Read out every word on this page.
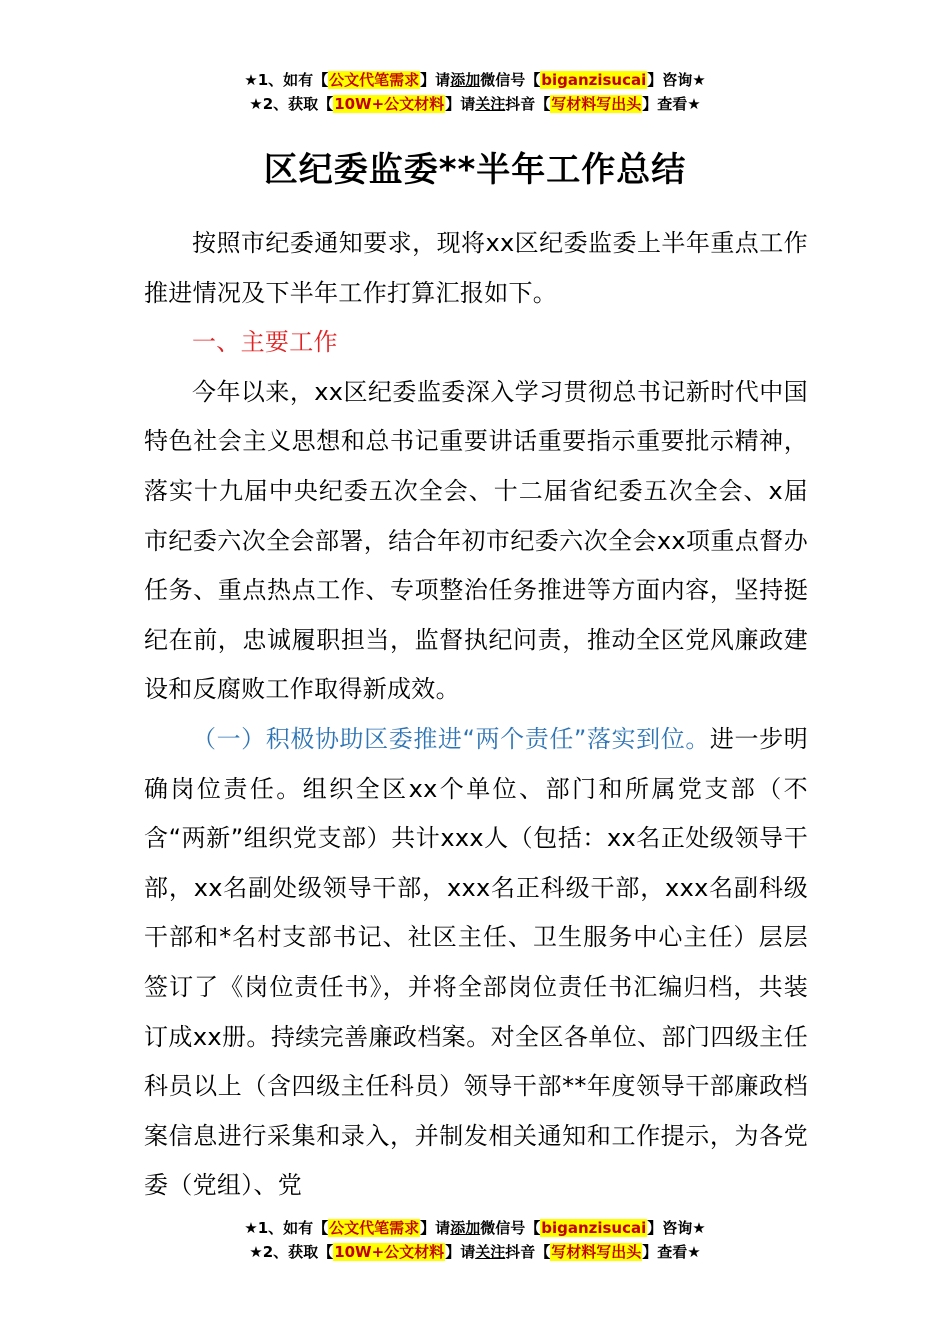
★1、如有【公文代笔需求】请添加微信号【biganzisucai】咨询★
★2、获取【10W+公文材料】请关注抖音【写材料写出头】查看★
区纪委监委**半年工作总结

按照市纪委通知要求，现将xx区纪委监委上半年重点工作推进情况及下半年工作打算汇报如下。

一、主要工作

今年以来，xx区纪委监委深入学习贯彻总书记新时代中国特色社会主义思想和总书记重要讲话重要指示重要批示精神，落实十九届中央纪委五次全会、十二届省纪委五次全会、x届市纪委六次全会部署，结合年初市纪委六次全会xx项重点督办任务、重点热点工作、专项整治任务推进等方面内容，坚持挺纪在前，忠诚履职担当，监督执纪问责，推动全区党风廉政建设和反腐败工作取得新成效。

（一）积极协助区委推进“两个责任”落实到位。进一步明确岗位责任。组织全区xx个单位、部门和所属党支部（不含“两新”组织党支部）共计xxx人（包括：xx名正处级领导干部，xx名副处级领导干部，xxx名正科级干部，xxx名副科级干部和*名村支部书记、社区主任、卫生服务中心主任）层层签订了《岗位责任书》，并将全部岗位责任书汇编归档，共装订成xx册。持续完善廉政档案。对全区各单位、部门四级主任科员以上（含四级主任科员）领导干部**年度领导干部廉政档案信息进行采集和录入，并制发相关通知和工作提示，为各党委（党组）、党

★1、如有【公文代笔需求】请添加微信号【biganzisucai】咨询★
★2、获取【10W+公文材料】请关注抖音【写材料写出头】查看★
